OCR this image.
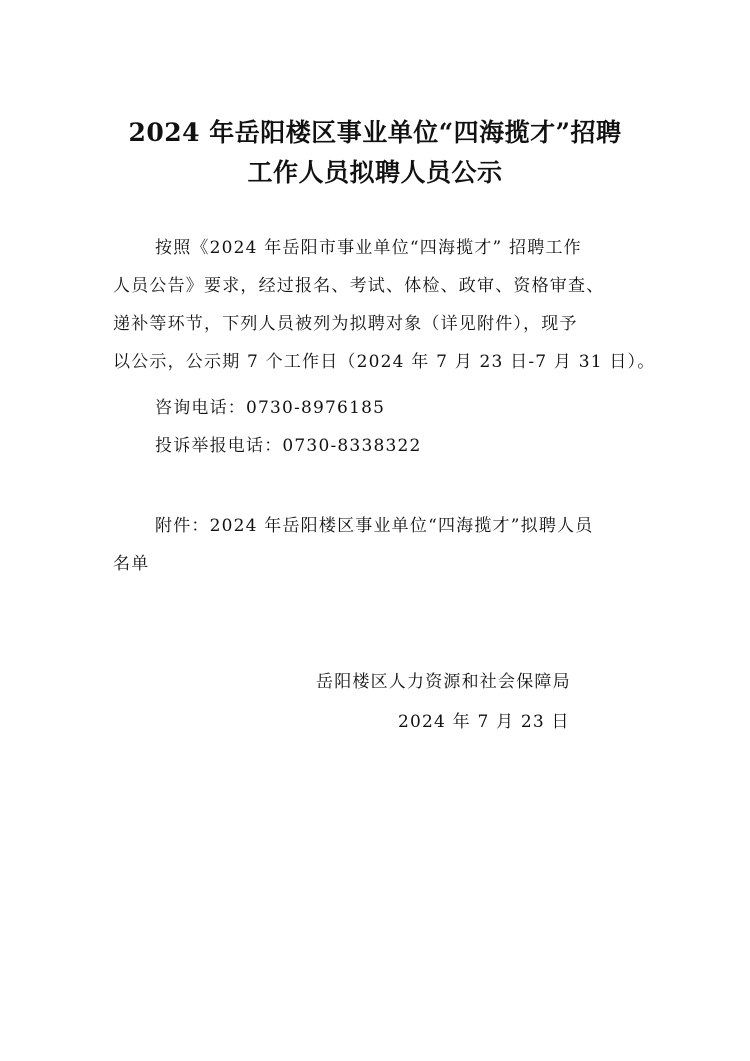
2024 年岳阳楼区事业单位“四海揽才”招聘
工作人员拟聘人员公示
按照《2024 年岳阳市事业单位“四海揽才” 招聘工作
人员公告》要求，经过报名、考试、体检、政审、资格审查、
递补等环节，下列人员被列为拟聘对象（详见附件），现予
以公示，公示期 7 个工作日（2024 年 7 月 23 日-7 月 31 日）。
咨询电话：0730-8976185
投诉举报电话：0730-8338322
附件：2024 年岳阳楼区事业单位“四海揽才”拟聘人员
名单
岳阳楼区人力资源和社会保障局
2024 年 7 月 23 日
